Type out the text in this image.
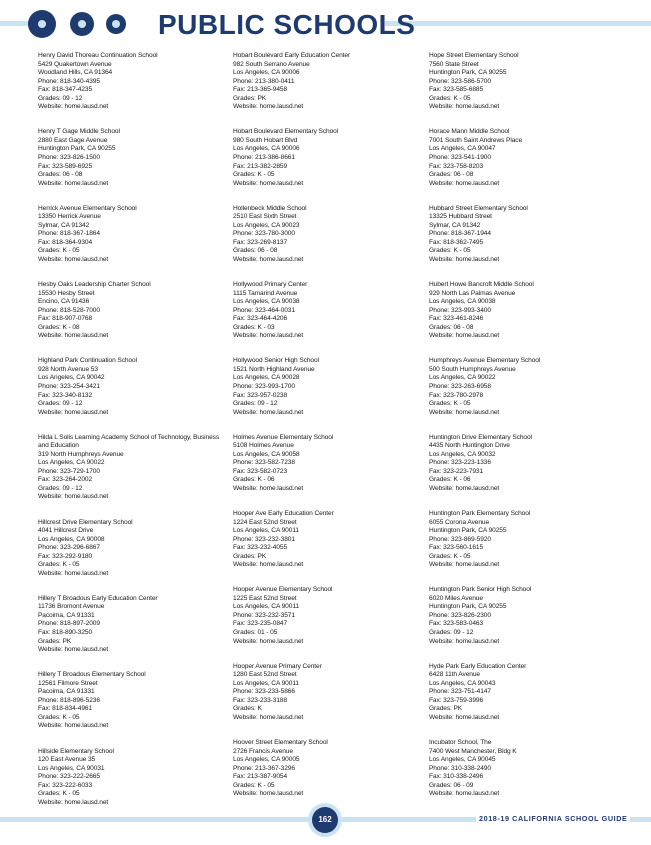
PUBLIC SCHOOLS
Henry David Thoreau Continuation School
5429 Quakertown Avenue
Woodland Hills, CA 91364
Phone: 818-340-4395
Fax: 818-347-4235
Grades: 09 - 12
Website: home.lausd.net
Henry T Gage Middle School
2880 East Gage Avenue
Huntington Park, CA 90255
Phone: 323-826-1500
Fax: 323-589-6925
Grades: 06 - 08
Website: home.lausd.net
Herrick Avenue Elementary School
13350 Herrick Avenue
Sylmar, CA 91342
Phone: 818-367-1864
Fax: 818-364-9304
Grades: K - 05
Website: home.lausd.net
Hesby Oaks Leadership Charter School
15530 Hesby Street
Encino, CA 91436
Phone: 818-528-7000
Fax: 818-907-0768
Grades: K - 08
Website: home.lausd.net
Highland Park Continuation School
928 North Avenue 53
Los Angeles, CA 90042
Phone: 323-254-3421
Fax: 323-340-8132
Grades: 09 - 12
Website: home.lausd.net
Hilda L Solis Learning Academy School of Technology, Business and Education
319 North Humphreys Avenue
Los Angeles, CA 90022
Phone: 323-729-1700
Fax: 323-264-2002
Grades: 09 - 12
Website: home.lausd.net
Hillcrest Drive Elementary School
4041 Hillcrest Drive
Los Angeles, CA 90008
Phone: 323-296-6867
Fax: 323-292-9180
Grades: K - 05
Website: home.lausd.net
Hillery T Broadous Early Education Center
11736 Bromont Avenue
Pacoima, CA 91331
Phone: 818-897-2009
Fax: 818-890-3250
Grades: PK
Website: home.lausd.net
Hillery T Broadous Elementary School
12561 Filmore Street
Pacoima, CA 91331
Phone: 818-896-5236
Fax: 818-834-4961
Grades: K - 05
Website: home.lausd.net
Hillside Elementary School
120 East Avenue 35
Los Angeles, CA 90031
Phone: 323-222-2665
Fax: 323-222-6033
Grades: K - 05
Website: home.lausd.net
Hobart Boulevard Early Education Center
982 South Serrano Avenue
Los Angeles, CA 90006
Phone: 213-380-0411
Fax: 213-365-9458
Grades: PK
Website: home.lausd.net
Hobart Boulevard Elementary School
980 South Hobart Blvd
Los Angeles, CA 90006
Phone: 213-386-8661
Fax: 213-382-2859
Grades: K - 05
Website: home.lausd.net
Hollenbeck Middle School
2510 East Sixth Street
Los Angeles, CA 90023
Phone: 323-780-3000
Fax: 323-269-8137
Grades: 06 - 08
Website: home.lausd.net
Hollywood Primary Center
1115 Tamarind Avenue
Los Angeles, CA 90038
Phone: 323-464-0031
Fax: 323-464-4206
Grades: K - 03
Website: home.lausd.net
Hollywood Senior High School
1521 North Highland Avenue
Los Angeles, CA 90028
Phone: 323-993-1700
Fax: 323-957-0238
Grades: 09 - 12
Website: home.lausd.net
Holmes Avenue Elementary School
5108 Holmes Avenue
Los Angeles, CA 90058
Phone: 323-582-7238
Fax: 323-582-0723
Grades: K - 06
Website: home.lausd.net
Hooper Ave Early Education Center
1224 East 52nd Street
Los Angeles, CA 90011
Phone: 323-232-3801
Fax: 323-232-4055
Grades: PK
Website: home.lausd.net
Hooper Avenue Elementary School
1225 East 52nd Street
Los Angeles, CA 90011
Phone: 323-232-3571
Fax: 323-235-0847
Grades: 01 - 05
Website: home.lausd.net
Hooper Avenue Primary Center
1280 East 52nd Street
Los Angeles, CA 90011
Phone: 323-233-5866
Fax: 323-233-3188
Grades: K
Website: home.lausd.net
Hoover Street Elementary School
2726 Francis Avenue
Los Angeles, CA 90005
Phone: 213-367-3296
Fax: 213-387-9054
Grades: K - 05
Website: home.lausd.net
Hope Street Elementary School
7560 State Street
Huntington Park, CA 90255
Phone: 323-586-5700
Fax: 323-585-6885
Grades: K - 05
Website: home.lausd.net
Horace Mann Middle School
7001 South Saint Andrews Place
Los Angeles, CA 90047
Phone: 323-541-1900
Fax: 323-758-8203
Grades: 06 - 08
Website: home.lausd.net
Hubbard Street Elementary School
13325 Hubbard Street
Sylmar, CA 91342
Phone: 818-367-1944
Fax: 818-362-7495
Grades: K - 05
Website: home.lausd.net
Hubert Howe Bancroft Middle School
929 North Las Palmas Avenue
Los Angeles, CA 90038
Phone: 323-993-3400
Fax: 323-461-8246
Grades: 06 - 08
Website: home.lausd.net
Humphreys Avenue Elementary School
500 South Humphreys Avenue
Los Angeles, CA 90022
Phone: 323-263-6958
Fax: 323-780-2978
Grades: K - 05
Website: home.lausd.net
Huntington Drive Elementary School
4435 North Huntington Drive
Los Angeles, CA 90032
Phone: 323-223-1336
Fax: 323-223-7931
Grades: K - 06
Website: home.lausd.net
Huntington Park Elementary School
6055 Corona Avenue
Huntington Park, CA 90255
Phone: 323-869-5920
Fax: 323-560-1615
Grades: K - 05
Website: home.lausd.net
Huntington Park Senior High School
6020 Miles Avenue
Huntington Park, CA 90255
Phone: 323-826-2300
Fax: 323-583-0463
Grades: 09 - 12
Website: home.lausd.net
Hyde Park Early Education Center
6428 11th Avenue
Los Angeles, CA 90043
Phone: 323-751-4147
Fax: 323-759-3996
Grades: PK
Website: home.lausd.net
Incubator School, The
7400 West Manchester, Bldg K
Los Angeles, CA 90045
Phone: 310-338-2490
Fax: 310-338-2496
Grades: 06 - 09
Website: home.lausd.net
162	2018-19 CALIFORNIA SCHOOL GUIDE
